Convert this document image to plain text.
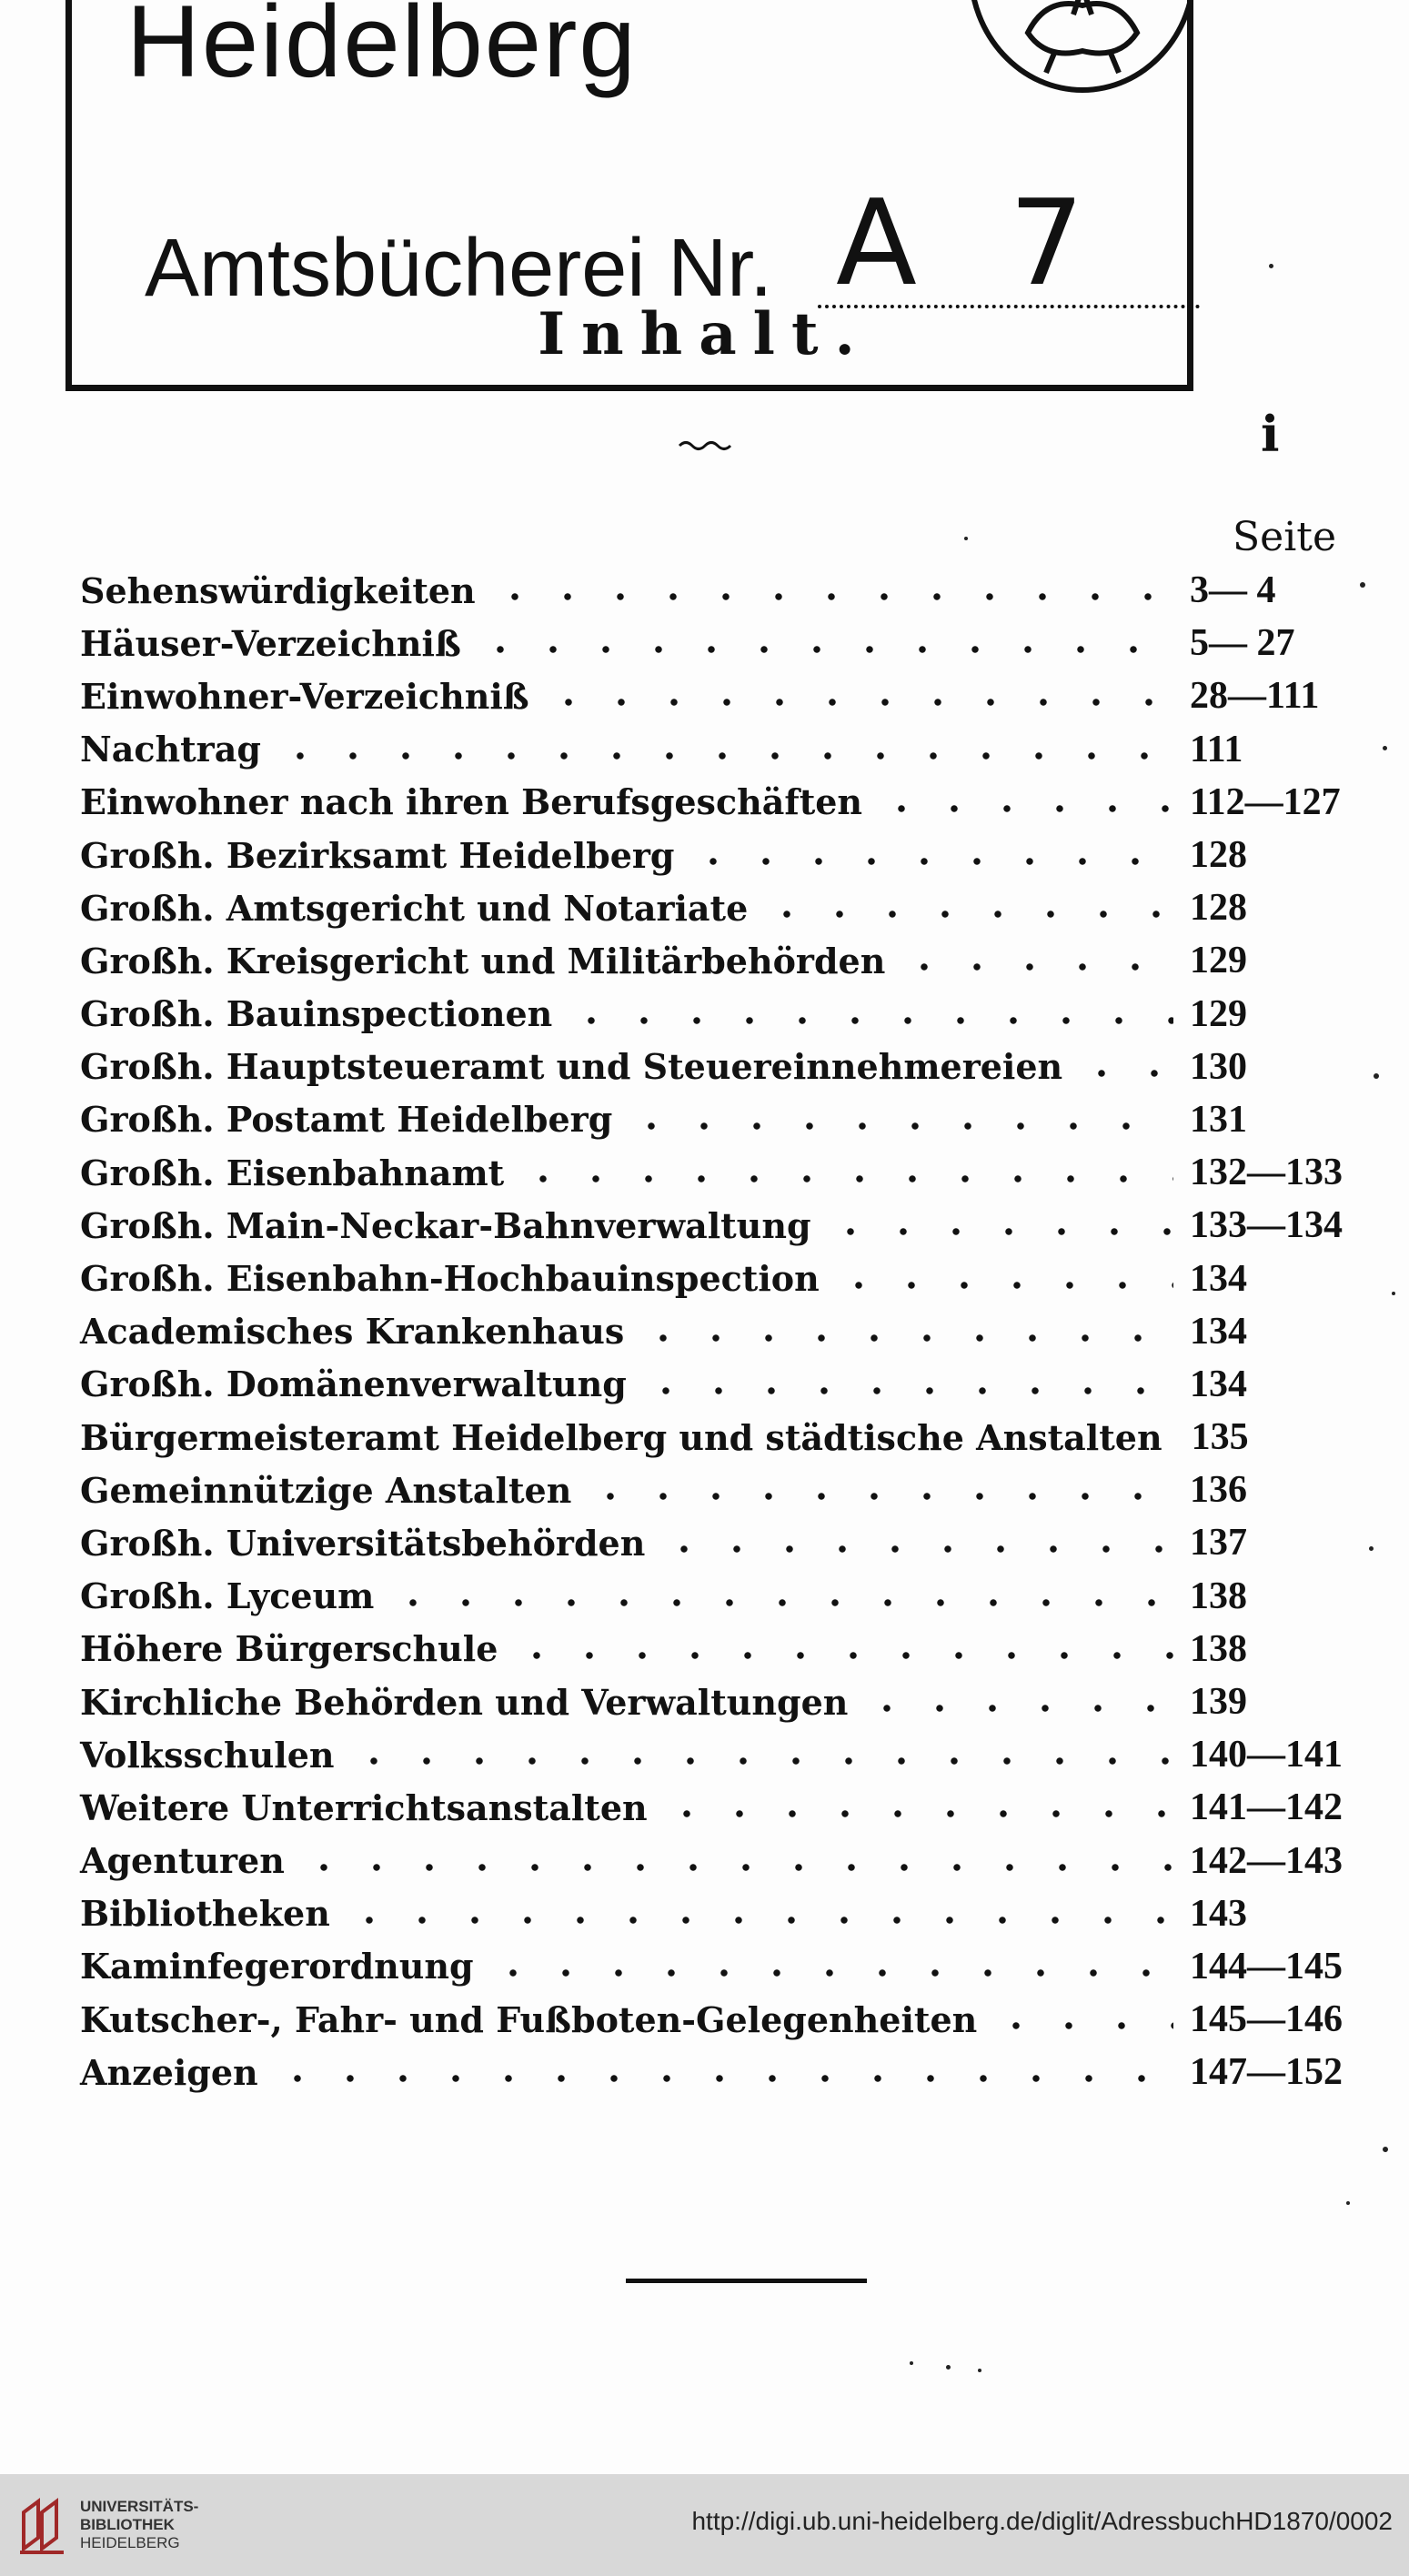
Heidelberg
Amtsbücherei Nr. A 7
Inhalt.
i
Seite
Sehenswürdigkeiten	3— 4
Häuser-Verzeichniß	5— 27
Einwohner-Verzeichniß	28—111
Nachtrag	111
Einwohner nach ihren Berufsgeschäften	112—127
Großh. Bezirksamt Heidelberg	128
Großh. Amtsgericht und Notariate	128
Großh. Kreisgericht und Militärbehörden	129
Großh. Bauinspectionen	129
Großh. Hauptsteueramt und Steuereinnehmereien	130
Großh. Postamt Heidelberg	131
Großh. Eisenbahnamt	132—133
Großh. Main-Neckar-Bahnverwaltung	133—134
Großh. Eisenbahn-Hochbauinspection	134
Academisches Krankenhaus	134
Großh. Domänenverwaltung	134
Bürgermeisteramt Heidelberg und städtische Anstalten 135
Gemeinnützige Anstalten	136
Großh. Universitätsbehörden	137
Großh. Lyceum	138
Höhere Bürgerschule	138
Kirchliche Behörden und Verwaltungen	139
Volksschulen	140—141
Weitere Unterrichtsanstalten	141—142
Agenturen	142—143
Bibliotheken	143
Kaminfegerordnung	144—145
Kutscher-, Fahr- und Fußboten-Gelegenheiten	145—146
Anzeigen	147—152
UNIVERSITÄTS-
BIBLIOTHEK
HEIDELBERG
http://digi.ub.uni-heidelberg.de/diglit/AdressbuchHD1870/0002
